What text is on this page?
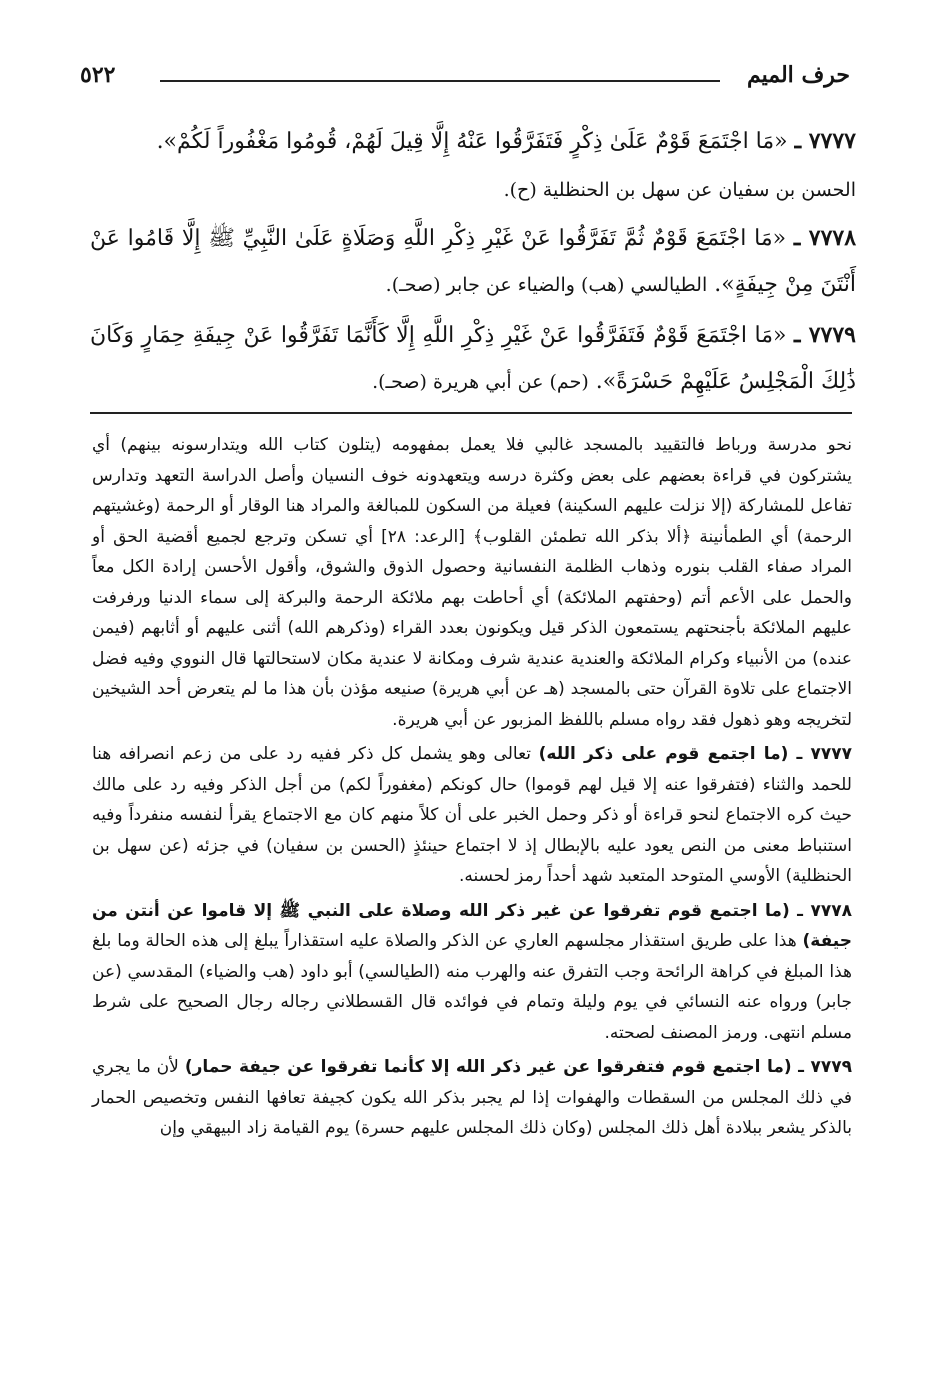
٥٢٢	حرف الميم

٧٧٧٧ ـ «مَا اجْتَمَعَ قَوْمٌ عَلَىٰ ذِكْرٍ فَتَفَرَّقُوا عَنْهُ إِلَّا قِيلَ لَهُمْ، قُومُوا مَغْفُوراً لَكُمْ».

الحسن بن سفيان عن سهل بن الحنظلية (ح).

٧٧٧٨ ـ «مَا اجْتَمَعَ قَوْمٌ ثُمَّ تَفَرَّقُوا عَنْ غَيْرِ ذِكْرِ اللَّهِ وَصَلَاةٍ عَلَىٰ النَّبِيِّ ﷺ إِلَّا قَامُوا عَنْ أَنْتَنَ مِنْ جِيفَةٍ». الطيالسي (هب) والضياء عن جابر (صحـ).

٧٧٧٩ ـ «مَا اجْتَمَعَ قَوْمٌ فَتَفَرَّقُوا عَنْ غَيْرِ ذِكْرِ اللَّهِ إِلَّا كَأَنَّمَا تَفَرَّقُوا عَنْ جِيفَةِ حِمَارٍ وَكَانَ ذَٰلِكَ الْمَجْلِسُ عَلَيْهِمْ حَسْرَةً». (حم) عن أبي هريرة (صحـ).

نحو مدرسة ورباط فالتقييد بالمسجد غالبي فلا يعمل بمفهومه (يتلون كتاب الله ويتدارسونه بينهم) أي يشتركون في قراءة بعضهم على بعض وكثرة درسه ويتعهدونه خوف النسيان وأصل الدراسة التعهد وتدارس تفاعل للمشاركة (إلا نزلت عليهم السكينة) فعيلة من السكون للمبالغة والمراد هنا الوقار أو الرحمة (وغشيتهم الرحمة) أي الطمأنينة ﴿ألا بذكر الله تطمئن القلوب﴾ [الرعد: ٢٨] أي تسكن وترجع لجميع أقضية الحق أو المراد صفاء القلب بنوره وذهاب الظلمة النفسانية وحصول الذوق والشوق، وأقول الأحسن إرادة الكل معاً والحمل على الأعم أتم (وحفتهم الملائكة) أي أحاطت بهم ملائكة الرحمة والبركة إلى سماء الدنيا ورفرفت عليهم الملائكة بأجنحتهم يستمعون الذكر قيل ويكونون بعدد القراء (وذكرهم الله) أثنى عليهم أو أثابهم (فيمن عنده) من الأنبياء وكرام الملائكة والعندية عندية شرف ومكانة لا عندية مكان لاستحالتها قال النووي وفيه فضل الاجتماع على تلاوة القرآن حتى بالمسجد (هـ عن أبي هريرة) صنيعه مؤذن بأن هذا ما لم يتعرض أحد الشيخين لتخريجه وهو ذهول فقد رواه مسلم باللفظ المزبور عن أبي هريرة.

٧٧٧٧ ـ (ما اجتمع قوم على ذكر الله) تعالى وهو يشمل كل ذكر ففيه رد على من زعم انصرافه هنا للحمد والثناء (فتفرقوا عنه إلا قيل لهم قوموا) حال كونكم (مغفوراً لكم) من أجل الذكر وفيه رد على مالك حيث كره الاجتماع لنحو قراءة أو ذكر وحمل الخبر على أن كلاً منهم كان مع الاجتماع يقرأ لنفسه منفرداً وفيه استنباط معنى من النص يعود عليه بالإبطال إذ لا اجتماع حينئذٍ (الحسن بن سفيان) في جزئه (عن سهل بن الحنظلية) الأوسي المتوحد المتعبد شهد أحداً رمز لحسنه.

٧٧٧٨ ـ (ما اجتمع قوم تفرقوا عن غير ذكر الله وصلاة على النبي ﷺ إلا قاموا عن أنتن من جيفة) هذا على طريق استقذار مجلسهم العاري عن الذكر والصلاة عليه استقذاراً يبلغ إلى هذه الحالة وما بلغ هذا المبلغ في كراهة الرائحة وجب التفرق عنه والهرب منه (الطيالسي) أبو داود (هب والضياء) المقدسي (عن جابر) ورواه عنه النسائي في يوم وليلة وتمام في فوائده قال القسطلاني رجاله رجال الصحيح على شرط مسلم انتهى. ورمز المصنف لصحته.

٧٧٧٩ ـ (ما اجتمع قوم فتفرقوا عن غير ذكر الله إلا كأنما تفرقوا عن جيفة حمار) لأن ما يجري في ذلك المجلس من السقطات والهفوات إذا لم يجبر بذكر الله يكون كجيفة تعافها النفس وتخصيص الحمار بالذكر يشعر ببلادة أهل ذلك المجلس (وكان ذلك المجلس عليهم حسرة) يوم القيامة زاد البيهقي وإن
